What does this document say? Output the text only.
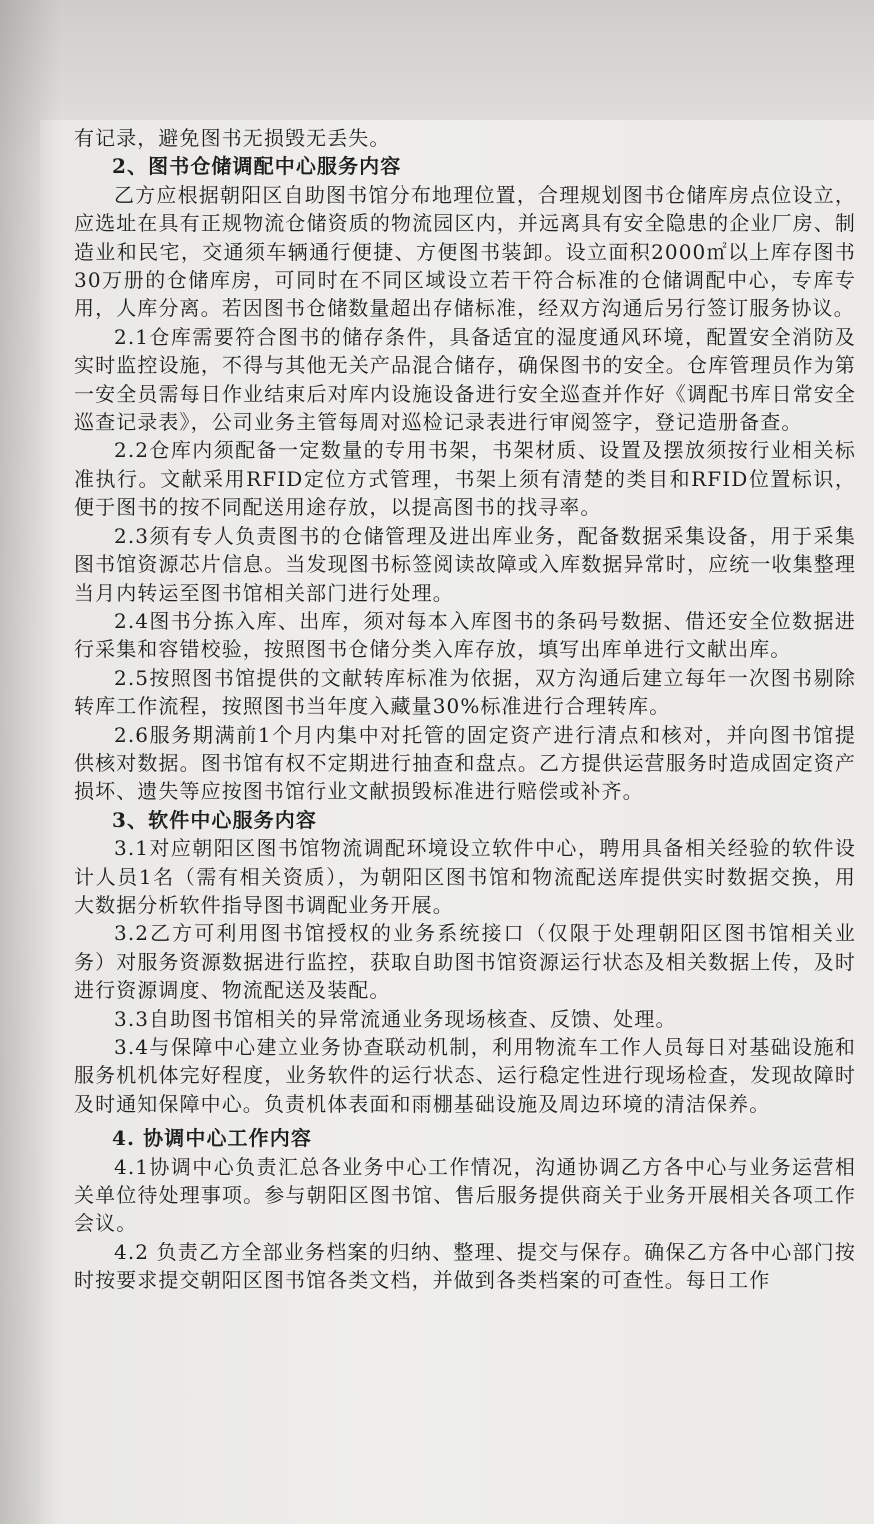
有记录，避免图书无损毁无丢失。

2、图书仓储调配中心服务内容

乙方应根据朝阳区自助图书馆分布地理位置，合理规划图书仓储库房点位设立，应选址在具有正规物流仓储资质的物流园区内，并远离具有安全隐患的企业厂房、制造业和民宅，交通须车辆通行便捷、方便图书装卸。设立面积2000㎡以上库存图书30万册的仓储库房，可同时在不同区域设立若干符合标准的仓储调配中心，专库专用，人库分离。若因图书仓储数量超出存储标准，经双方沟通后另行签订服务协议。

2.1仓库需要符合图书的储存条件，具备适宜的湿度通风环境，配置安全消防及实时监控设施，不得与其他无关产品混合储存，确保图书的安全。仓库管理员作为第一安全员需每日作业结束后对库内设施设备进行安全巡查并作好《调配书库日常安全巡查记录表》，公司业务主管每周对巡检记录表进行审阅签字，登记造册备查。

2.2仓库内须配备一定数量的专用书架，书架材质、设置及摆放须按行业相关标准执行。文献采用RFID定位方式管理，书架上须有清楚的类目和RFID位置标识，便于图书的按不同配送用途存放，以提高图书的找寻率。

2.3须有专人负责图书的仓储管理及进出库业务，配备数据采集设备，用于采集图书馆资源芯片信息。当发现图书标签阅读故障或入库数据异常时，应统一收集整理当月内转运至图书馆相关部门进行处理。

2.4图书分拣入库、出库，须对每本入库图书的条码号数据、借还安全位数据进行采集和容错校验，按照图书仓储分类入库存放，填写出库单进行文献出库。

2.5按照图书馆提供的文献转库标准为依据，双方沟通后建立每年一次图书剔除转库工作流程，按照图书当年度入藏量30%标准进行合理转库。

2.6服务期满前1个月内集中对托管的固定资产进行清点和核对，并向图书馆提供核对数据。图书馆有权不定期进行抽查和盘点。乙方提供运营服务时造成固定资产损坏、遗失等应按图书馆行业文献损毁标准进行赔偿或补齐。

3、软件中心服务内容

3.1对应朝阳区图书馆物流调配环境设立软件中心，聘用具备相关经验的软件设计人员1名（需有相关资质），为朝阳区图书馆和物流配送库提供实时数据交换，用大数据分析软件指导图书调配业务开展。

3.2乙方可利用图书馆授权的业务系统接口（仅限于处理朝阳区图书馆相关业务）对服务资源数据进行监控，获取自助图书馆资源运行状态及相关数据上传，及时进行资源调度、物流配送及装配。

3.3自助图书馆相关的异常流通业务现场核查、反馈、处理。

3.4与保障中心建立业务协查联动机制，利用物流车工作人员每日对基础设施和服务机机体完好程度，业务软件的运行状态、运行稳定性进行现场检查，发现故障时及时通知保障中心。负责机体表面和雨棚基础设施及周边环境的清洁保养。

4. 协调中心工作内容

4.1协调中心负责汇总各业务中心工作情况，沟通协调乙方各中心与业务运营相关单位待处理事项。参与朝阳区图书馆、售后服务提供商关于业务开展相关各项工作会议。

4.2 负责乙方全部业务档案的归纳、整理、提交与保存。确保乙方各中心部门按时按要求提交朝阳区图书馆各类文档，并做到各类档案的可查性。每日工作
